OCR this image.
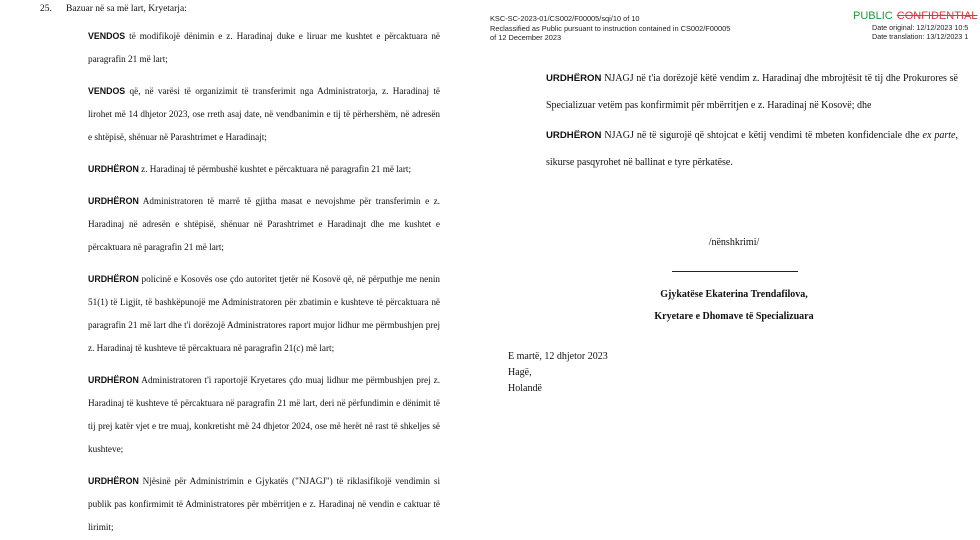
25. Bazuar në sa më lart, Kryetarja:

VENDOS të modifikojë dënimin e z. Haradinaj duke e liruar me kushtet e përcaktuara në paragrafin 21 më lart;

VENDOS që, në varësi të organizimit të transferimit nga Administratorja, z. Haradinaj të lirohet më 14 dhjetor 2023, ose rreth asaj date, në vendbanimin e tij të përhershëm, në adresën e shtëpisë, shënuar në Parashtrimet e Haradinajt;

URDHËRON z. Haradinaj të përmbushë kushtet e përcaktuara në paragrafin 21 më lart;

URDHËRON Administratoren të marrë të gjitha masat e nevojshme për transferimin e z. Haradinaj në adresën e shtëpisë, shënuar në Parashtrimet e Haradinajt dhe me kushtet e përcaktuara në paragrafin 21 më lart;

URDHËRON policinë e Kosovës ose çdo autoritet tjetër në Kosovë që, në përputhje me nenin 51(1) të Ligjit, të bashkëpunojë me Administratoren për zbatimin e kushteve të përcaktuara në paragrafin 21 më lart dhe t'i dorëzojë Administratores raport mujor lidhur me përmbushjen prej z. Haradinaj të kushteve të përcaktuara në paragrafin 21(c) më lart;

URDHËRON Administratoren t'i raportojë Kryetares çdo muaj lidhur me përmbushjen prej z. Haradinaj të kushteve të përcaktuara në paragrafin 21 më lart, deri në përfundimin e dënimit të tij prej katër vjet e tre muaj, konkretisht më 24 dhjetor 2024, ose më herët në rast të shkeljes së kushteve;

URDHËRON Njësinë për Administrimin e Gjykatës ("NJAGJ") të riklasifikojë vendimin si publik pas konfirmimit të Administratores për mbërritjen e z. Haradinaj në vendin e caktuar të lirimit;

KSC-SC-2023-01/CS002/F00005/sqi/10 of 10
Reclassified as Public pursuant to instruction contained in CS002/F00005
of 12 December 2023
PUBLIC CONFIDENTIAL
Date original: 12/12/2023 10:5
Date translation: 13/12/2023 1

URDHËRON NJAGJ në t'ia dorëzojë këtë vendim z. Haradinaj dhe mbrojtësit të tij dhe Prokurores së Specializuar vetëm pas konfirmimit për mbërritjen e z. Haradinaj në Kosovë; dhe

URDHËRON NJAGJ në të sigurojë që shtojcat e këtij vendimi të mbeten konfidenciale dhe ex parte, sikurse pasqyrohet në ballinat e tyre përkatëse.

/nënshkrimi/
Gjykatëse Ekaterina Trendafilova,
Kryetare e Dhomave të Specializuara
E martë, 12 dhjetor 2023
Hagë,
Holandë
